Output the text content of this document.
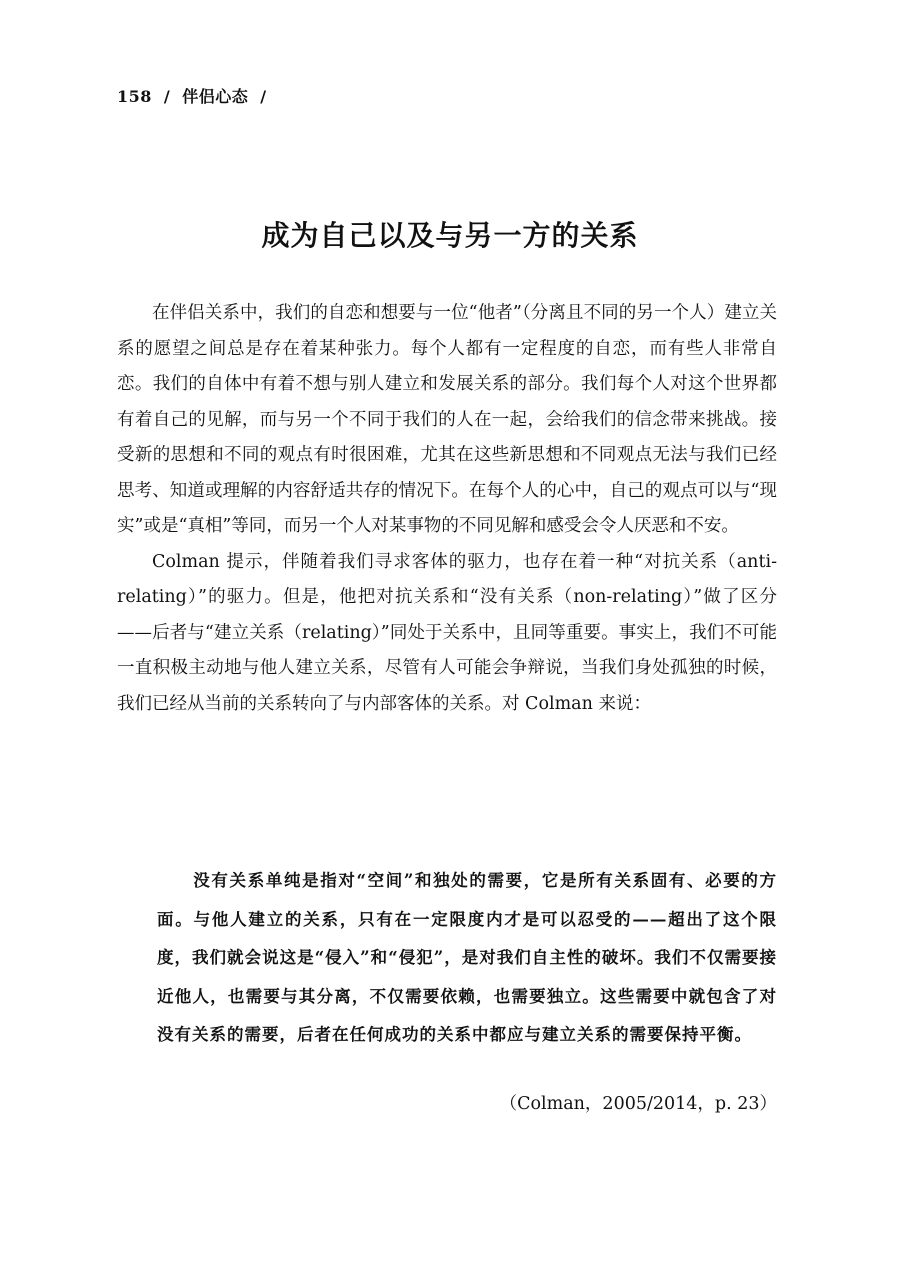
158 / 伴侣心态 /
成为自己以及与另一方的关系

在伴侣关系中，我们的自恋和想要与一位“他者”（分离且不同的另一个人）建立关系的愿望之间总是存在着某种张力。每个人都有一定程度的自恋，而有些人非常自恋。我们的自体中有着不想与别人建立和发展关系的部分。我们每个人对这个世界都有着自己的见解，而与另一个不同于我们的人在一起，会给我们的信念带来挑战。接受新的思想和不同的观点有时很困难，尤其在这些新思想和不同观点无法与我们已经思考、知道或理解的内容舒适共存的情况下。在每个人的心中，自己的观点可以与“现实”或是“真相”等同，而另一个人对某事物的不同见解和感受会令人厌恶和不安。

Colman 提示，伴随着我们寻求客体的驱力，也存在着一种“对抗关系（anti-relating）”的驱力。但是，他把对抗关系和“没有关系（non-relating）”做了区分——后者与“建立关系（relating）”同处于关系中，且同等重要。事实上，我们不可能一直积极主动地与他人建立关系，尽管有人可能会争辩说，当我们身处孤独的时候，我们已经从当前的关系转向了与内部客体的关系。对 Colman 来说：

没有关系单纯是指对“空间”和独处的需要，它是所有关系固有、必要的方面。与他人建立的关系，只有在一定限度内才是可以忍受的——超出了这个限度，我们就会说这是“侵入”和“侵犯”，是对我们自主性的破坏。我们不仅需要接近他人，也需要与其分离，不仅需要依赖，也需要独立。这些需要中就包含了对没有关系的需要，后者在任何成功的关系中都应与建立关系的需要保持平衡。

（Colman，2005/2014，p. 23）
